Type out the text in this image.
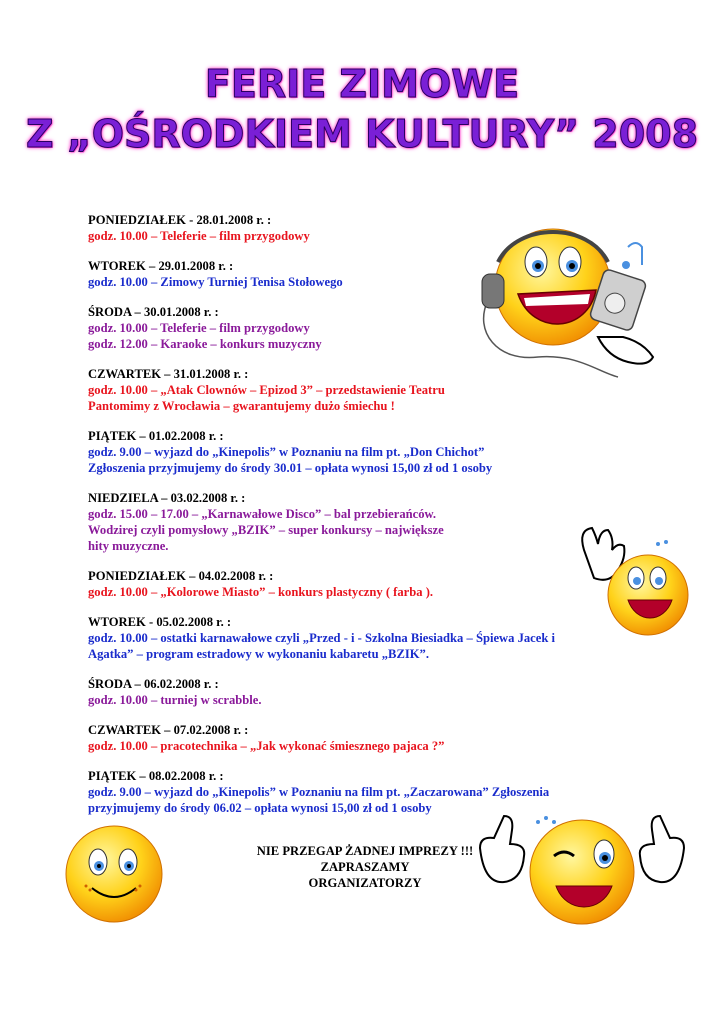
FERIE ZIMOWE
Z „OŚRODKIEM KULTURY” 2008
PONIEDZIAŁEK - 28.01.2008 r. :
godz. 10.00 – Teleferie – film przygodowy
WTOREK – 29.01.2008 r. :
godz. 10.00 – Zimowy Turniej Tenisa Stołowego
ŚRODA – 30.01.2008 r. :
godz. 10.00 – Teleferie – film przygodowy
godz. 12.00 – Karaoke – konkurs muzyczny
CZWARTEK – 31.01.2008 r. :
godz. 10.00 – „Atak Clownów – Epizod 3” – przedstawienie Teatru
Pantomimy z Wrocławia – gwarantujemy dużo śmiechu !
PIĄTEK – 01.02.2008 r. :
godz. 9.00 – wyjazd do „Kinepolis” w Poznaniu na film pt. „Don Chichot”
Zgłoszenia przyjmujemy do środy 30.01 – opłata wynosi 15,00 zł od 1 osoby
NIEDZIELA – 03.02.2008 r. :
godz. 15.00 – 17.00 – „Karnawałowe Disco” – bal przebierańców.
Wodzirej czyli pomysłowy „BZIK” – super konkursy – największe
hity muzyczne.
PONIEDZIAŁEK – 04.02.2008 r. :
godz. 10.00 – „Kolorowe Miasto” – konkurs plastyczny ( farba ).
WTOREK - 05.02.2008 r. :
godz. 10.00 – ostatki karnawałowe czyli „Przed - i - Szkolna Biesiadka – Śpiewa Jacek i
Agatka” – program estradowy w wykonaniu kabaretu „BZIK”.
ŚRODA – 06.02.2008 r. :
godz. 10.00 – turniej w scrabble.
CZWARTEK – 07.02.2008 r. :
godz. 10.00 – pracotechnika – „Jak wykonać śmiesznego pajaca ?”
PIĄTEK – 08.02.2008 r. :
godz. 9.00 – wyjazd do „Kinepolis” w Poznaniu na film pt. „Zaczarowana” Zgłoszenia
przyjmujemy do środy 06.02 – opłata wynosi 15,00 zł od 1 osoby
NIE PRZEGAP ŻADNEJ IMPREZY !!!
ZAPRASZAMY
ORGANIZATORZY
